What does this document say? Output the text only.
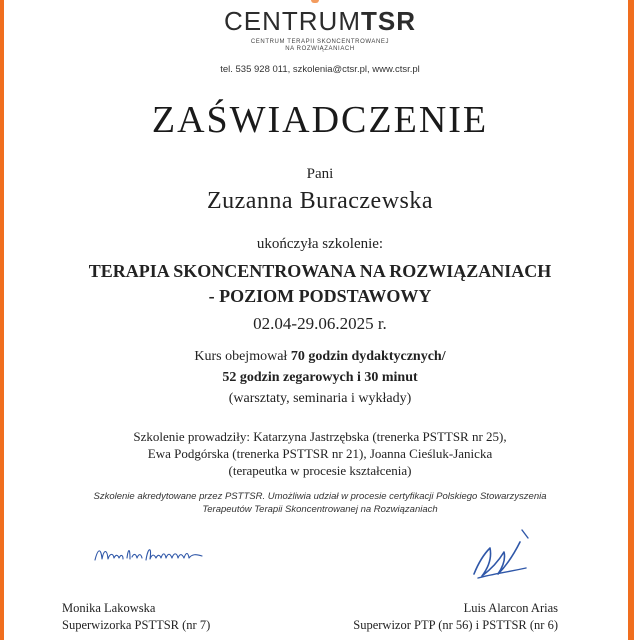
CENTRUMTSR
CENTRUM TERAPII SKONCENTROWANEJ
NA ROZWIĄZANIACH
tel. 535 928 011, szkolenia@ctsr.pl, www.ctsr.pl
ZAŚWIADCZENIE
Pani
Zuzanna Buraczewska
ukończyła szkolenie:
TERAPIA SKONCENTROWANA NA ROZWIĄZANIACH
- POZIOM PODSTAWOWY
02.04-29.06.2025 r.
Kurs obejmował 70 godzin dydaktycznych/
52 godzin zegarowych i 30 minut
(warsztaty, seminaria i wykłady)
Szkolenie prowadziły: Katarzyna Jastrzębska (trenerka PSTTSR nr 25),
Ewa Podgórska (trenerka PSTTSR nr 21), Joanna Cieśluk-Janicka
(terapeutka w procesie kształcenia)
Szkolenie akredytowane przez PSTTSR. Umożliwia udział w procesie certyfikacji Polskiego Stowarzyszenia
Terapeutów Terapii Skoncentrowanej na Rozwiązaniach
Monika Lakowska
Superwizorka PSTTSR (nr 7)
Luis Alarcon Arias
Superwizor PTP (nr 56) i PSTTSR (nr 6)
